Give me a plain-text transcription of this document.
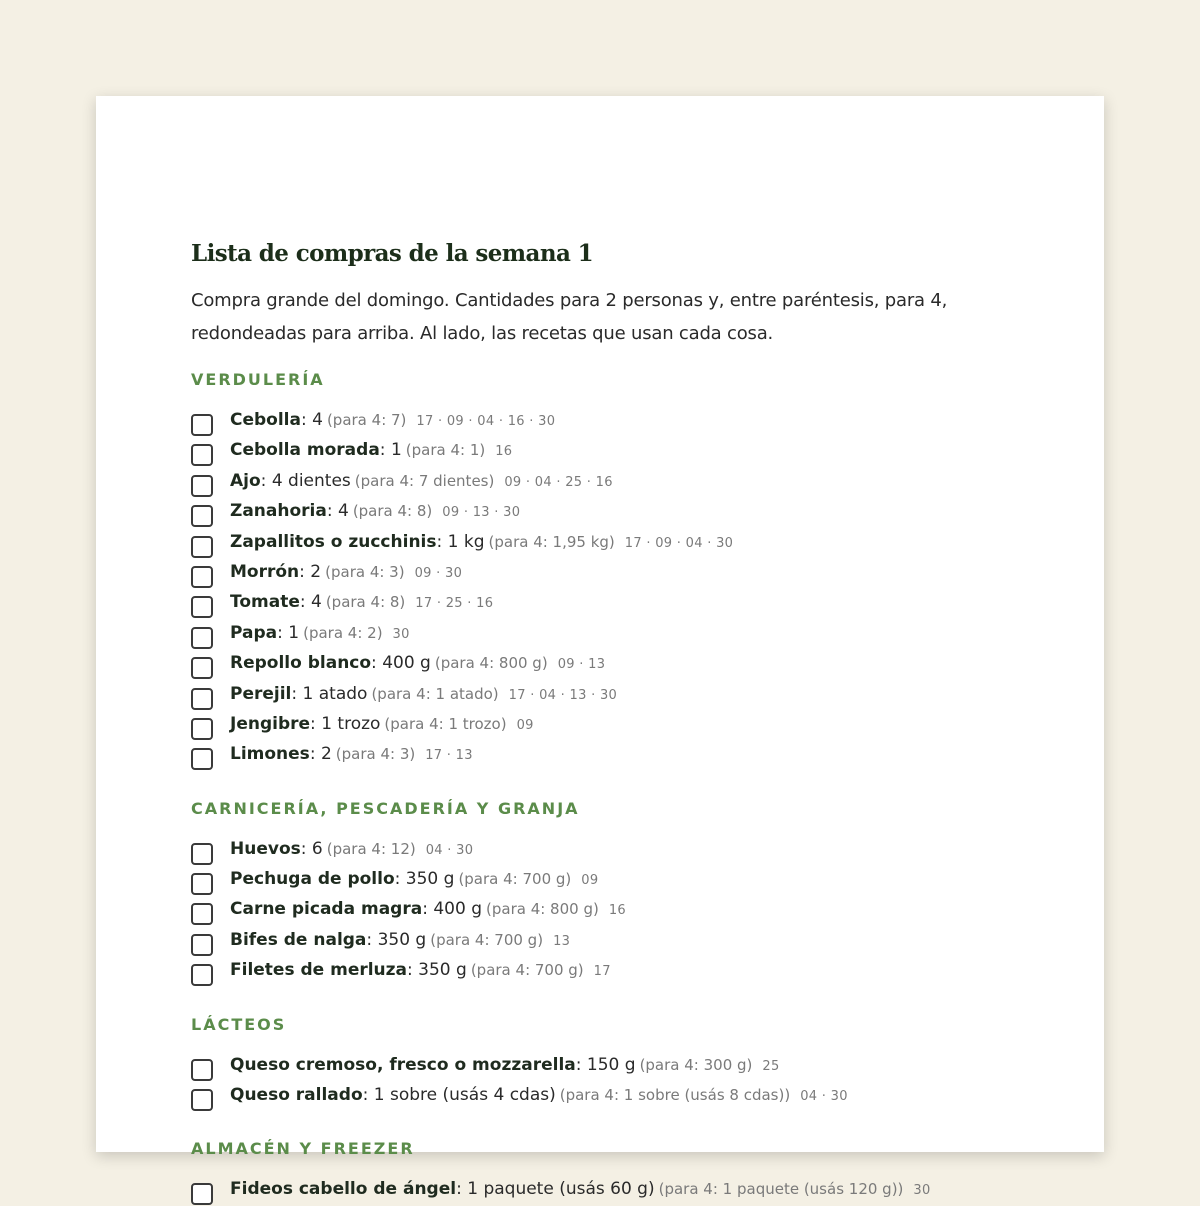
Lista de compras de la semana 1

Compra grande del domingo. Cantidades para 2 personas y, entre paréntesis, para 4, redondeadas para arriba. Al lado, las recetas que usan cada cosa.

VERDULERÍA
Cebolla: 4 (para 4: 7) 17 · 09 · 04 · 16 · 30
Cebolla morada: 1 (para 4: 1) 16
Ajo: 4 dientes (para 4: 7 dientes) 09 · 04 · 25 · 16
Zanahoria: 4 (para 4: 8) 09 · 13 · 30
Zapallitos o zucchinis: 1 kg (para 4: 1,95 kg) 17 · 09 · 04 · 30
Morrón: 2 (para 4: 3) 09 · 30
Tomate: 4 (para 4: 8) 17 · 25 · 16
Papa: 1 (para 4: 2) 30
Repollo blanco: 400 g (para 4: 800 g) 09 · 13
Perejil: 1 atado (para 4: 1 atado) 17 · 04 · 13 · 30
Jengibre: 1 trozo (para 4: 1 trozo) 09
Limones: 2 (para 4: 3) 17 · 13
CARNICERÍA, PESCADERÍA Y GRANJA
Huevos: 6 (para 4: 12) 04 · 30
Pechuga de pollo: 350 g (para 4: 700 g) 09
Carne picada magra: 400 g (para 4: 800 g) 16
Bifes de nalga: 350 g (para 4: 700 g) 13
Filetes de merluza: 350 g (para 4: 700 g) 17
LÁCTEOS
Queso cremoso, fresco o mozzarella: 150 g (para 4: 300 g) 25
Queso rallado: 1 sobre (usás 4 cdas) (para 4: 1 sobre (usás 8 cdas)) 04 · 30
ALMACÉN Y FREEZER
Fideos cabello de ángel: 1 paquete (usás 60 g) (para 4: 1 paquete (usás 120 g)) 30
